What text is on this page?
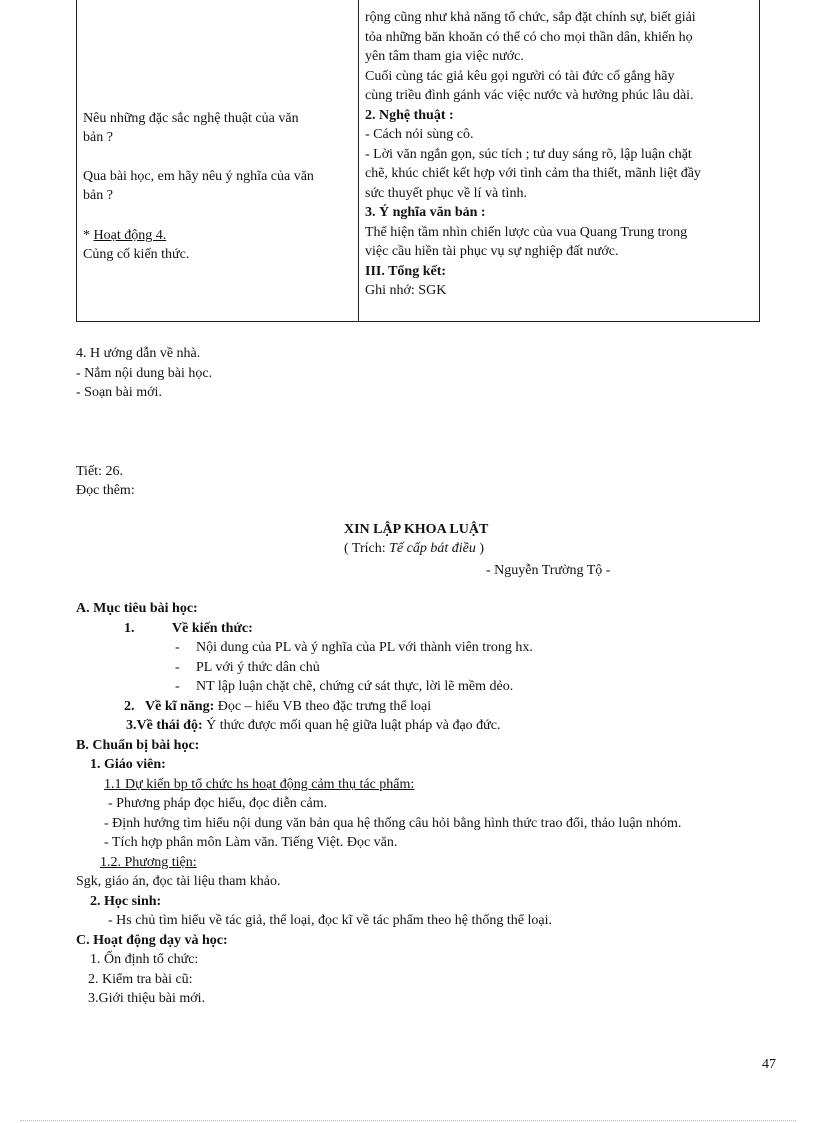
Nêu những đặc sắc nghệ thuật của văn

bản ?

Qua bài học, em hãy nêu ý nghĩa của văn

bản ?

* Hoạt động 4.

Củng cố kiến thức.

rộng cũng như khả năng tổ chức, sắp đặt chính sự, biết giải

tỏa những băn khoăn có thể có cho mọi thần dân, khiến họ

yên tâm tham gia việc nước.

Cuối cùng tác giả kêu gọi người có tài đức cố gắng hãy

cùng triều đình gánh vác việc nước và hưởng phúc lâu dài.

2. Nghệ thuật :

- Cách nói sùng cô.

- Lời văn ngắn gọn, súc tích ; tư duy sáng rõ, lập luận chặt

chẽ, khúc chiết kết hợp với tình cảm tha thiết, mãnh liệt đầy

sức thuyết phục về lí và tình.

3. Ý nghĩa văn bản :

Thể hiện tầm nhìn chiến lược của vua Quang Trung trong

việc cầu hiền tài phục vụ sự nghiệp đất nước.

III. Tổng kết:

Ghi nhớ: SGK

4. H ướng dẫn về nhà.
- Nắm nội dung bài học.
- Soạn bài mới.
Tiết: 26.
Đọc thêm:
XIN LẬP KHOA LUẬT
( Trích: Tế cấp bát điều )
- Nguyễn Trường Tộ -
A. Mục tiêu bài học:
1.	Về kiến thức:
- Nội dung của PL và ý nghĩa của PL với thành viên trong hx.
- PL với ý thức dân chủ
- NT lập luận chặt chẽ, chứng cứ sát thực, lời lẽ mềm dẻo.
2. Về kĩ năng: Đọc – hiểu VB theo đặc trưng thể loại
3.Về thái độ: Ý thức được mối quan hệ giữa luật pháp và đạo đức.
B. Chuẩn bị bài học:
1. Giáo viên:
1.1 Dự kiến bp tổ chức hs hoạt động cảm thụ tác phẩm:
- Phương pháp đọc hiểu, đọc diễn cảm.
- Định hướng tìm hiểu nội dung văn bản qua hệ thống câu hỏi bằng hình thức trao đổi, thảo luận nhóm.
- Tích hợp phân môn Làm văn. Tiếng Việt. Đọc văn.
1.2. Phương tiện:
Sgk, giáo án, đọc tài liệu tham khảo.
2. Học sinh:
- Hs chủ tìm hiểu về tác giả, thể loại, đọc kĩ về tác phẩm theo hệ thống thể loại.
C. Hoạt động dạy và học:
1. Ổn định tổ chức:
2. Kiểm tra bài cũ:
3.Giới thiệu bài mới.
47
